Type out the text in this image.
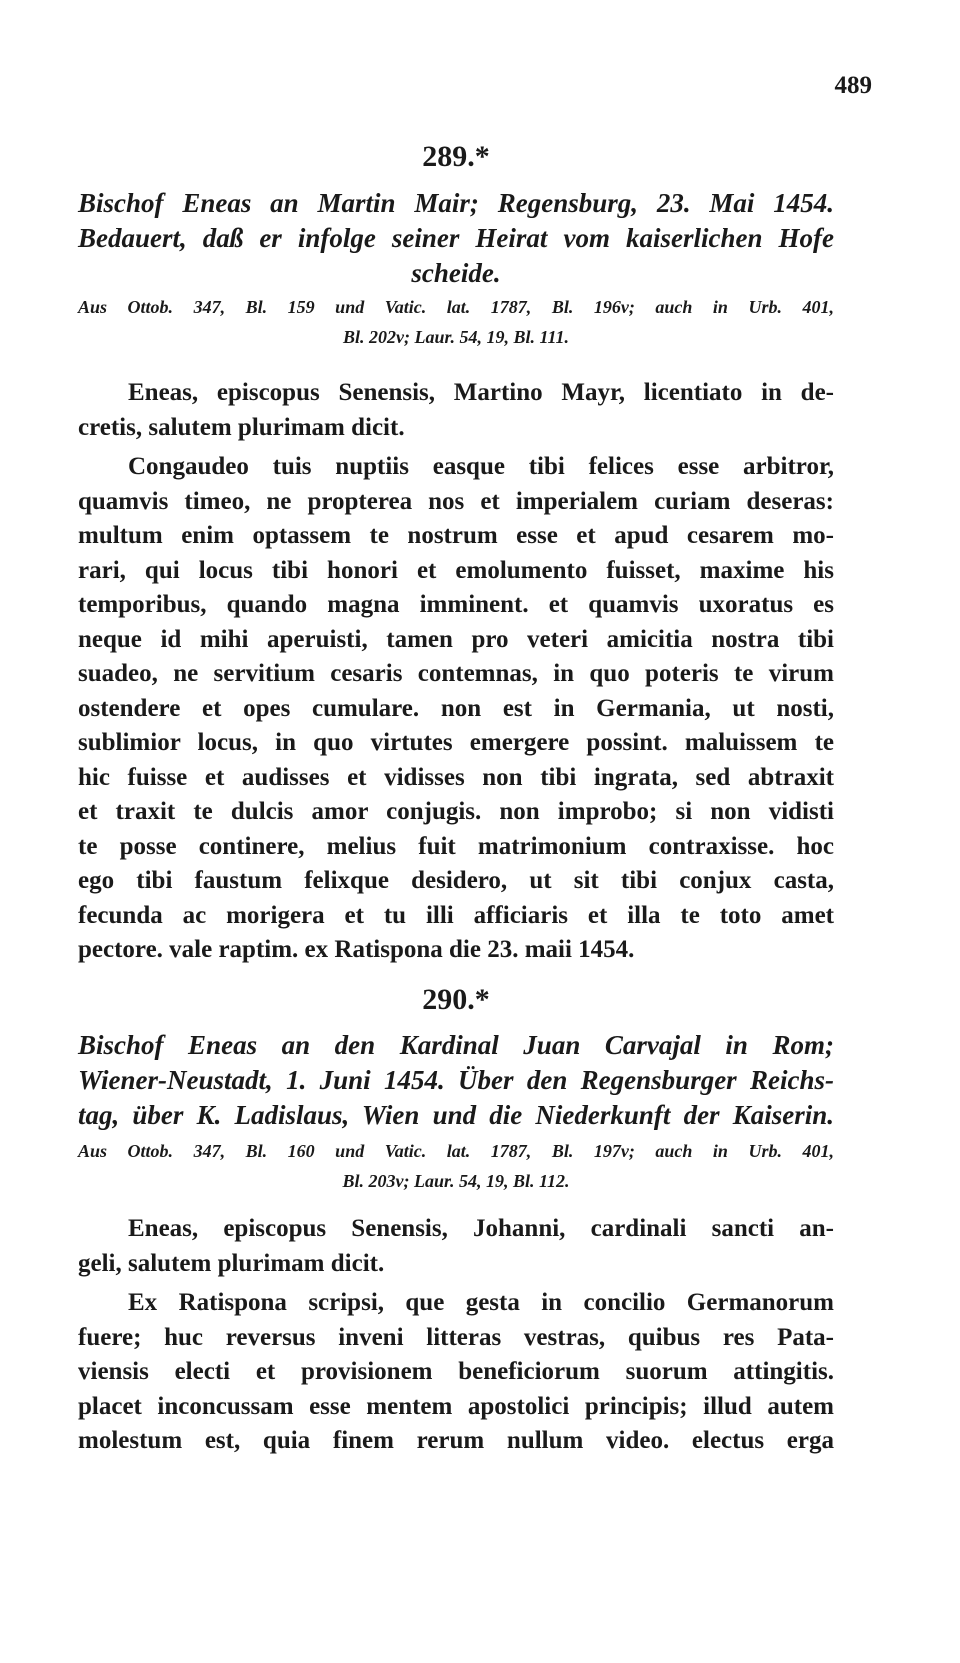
489

289.*

Bischof Eneas an Martin Mair; Regensburg, 23. Mai 1454.
Bedauert, daß er infolge seiner Heirat vom kaiserlichen Hofe
scheide.

Aus Ottob. 347, Bl. 159 und Vatic. lat. 1787, Bl. 196v; auch in Urb. 401,
Bl. 202v; Laur. 54, 19, Bl. 111.

Eneas, episcopus Senensis, Martino Mayr, licentiato in de-
cretis, salutem plurimam dicit.

Congaudeo tuis nuptiis easque tibi felices esse arbitror,
quamvis timeo, ne propterea nos et imperialem curiam deseras:
multum enim optassem te nostrum esse et apud cesarem mo-
rari, qui locus tibi honori et emolumento fuisset, maxime his
temporibus, quando magna imminent. et quamvis uxoratus es
neque id mihi aperuisti, tamen pro veteri amicitia nostra tibi
suadeo, ne servitium cesaris contemnas, in quo poteris te virum
ostendere et opes cumulare. non est in Germania, ut nosti,
sublimior locus, in quo virtutes emergere possint. maluissem te
hic fuisse et audisses et vidisses non tibi ingrata, sed abtraxit
et traxit te dulcis amor conjugis. non improbo; si non vidisti
te posse continere, melius fuit matrimonium contraxisse. hoc
ego tibi faustum felixque desidero, ut sit tibi conjux casta,
fecunda ac morigera et tu illi afficiaris et illa te toto amet
pectore. vale raptim. ex Ratispona die 23. maii 1454.

290.*

Bischof Eneas an den Kardinal Juan Carvajal in Rom;
Wiener-Neustadt, 1. Juni 1454. Über den Regensburger Reichs-
tag, über K. Ladislaus, Wien und die Niederkunft der Kaiserin.

Aus Ottob. 347, Bl. 160 und Vatic. lat. 1787, Bl. 197v; auch in Urb. 401,
Bl. 203v; Laur. 54, 19, Bl. 112.

Eneas, episcopus Senensis, Johanni, cardinali sancti an-
geli, salutem plurimam dicit.

Ex Ratispona scripsi, que gesta in concilio Germanorum
fuere; huc reversus inveni litteras vestras, quibus res Pata-
viensis electi et provisionem beneficiorum suorum attingitis.
placet inconcussam esse mentem apostolici principis; illud autem
molestum est, quia finem rerum nullum video. electus erga
